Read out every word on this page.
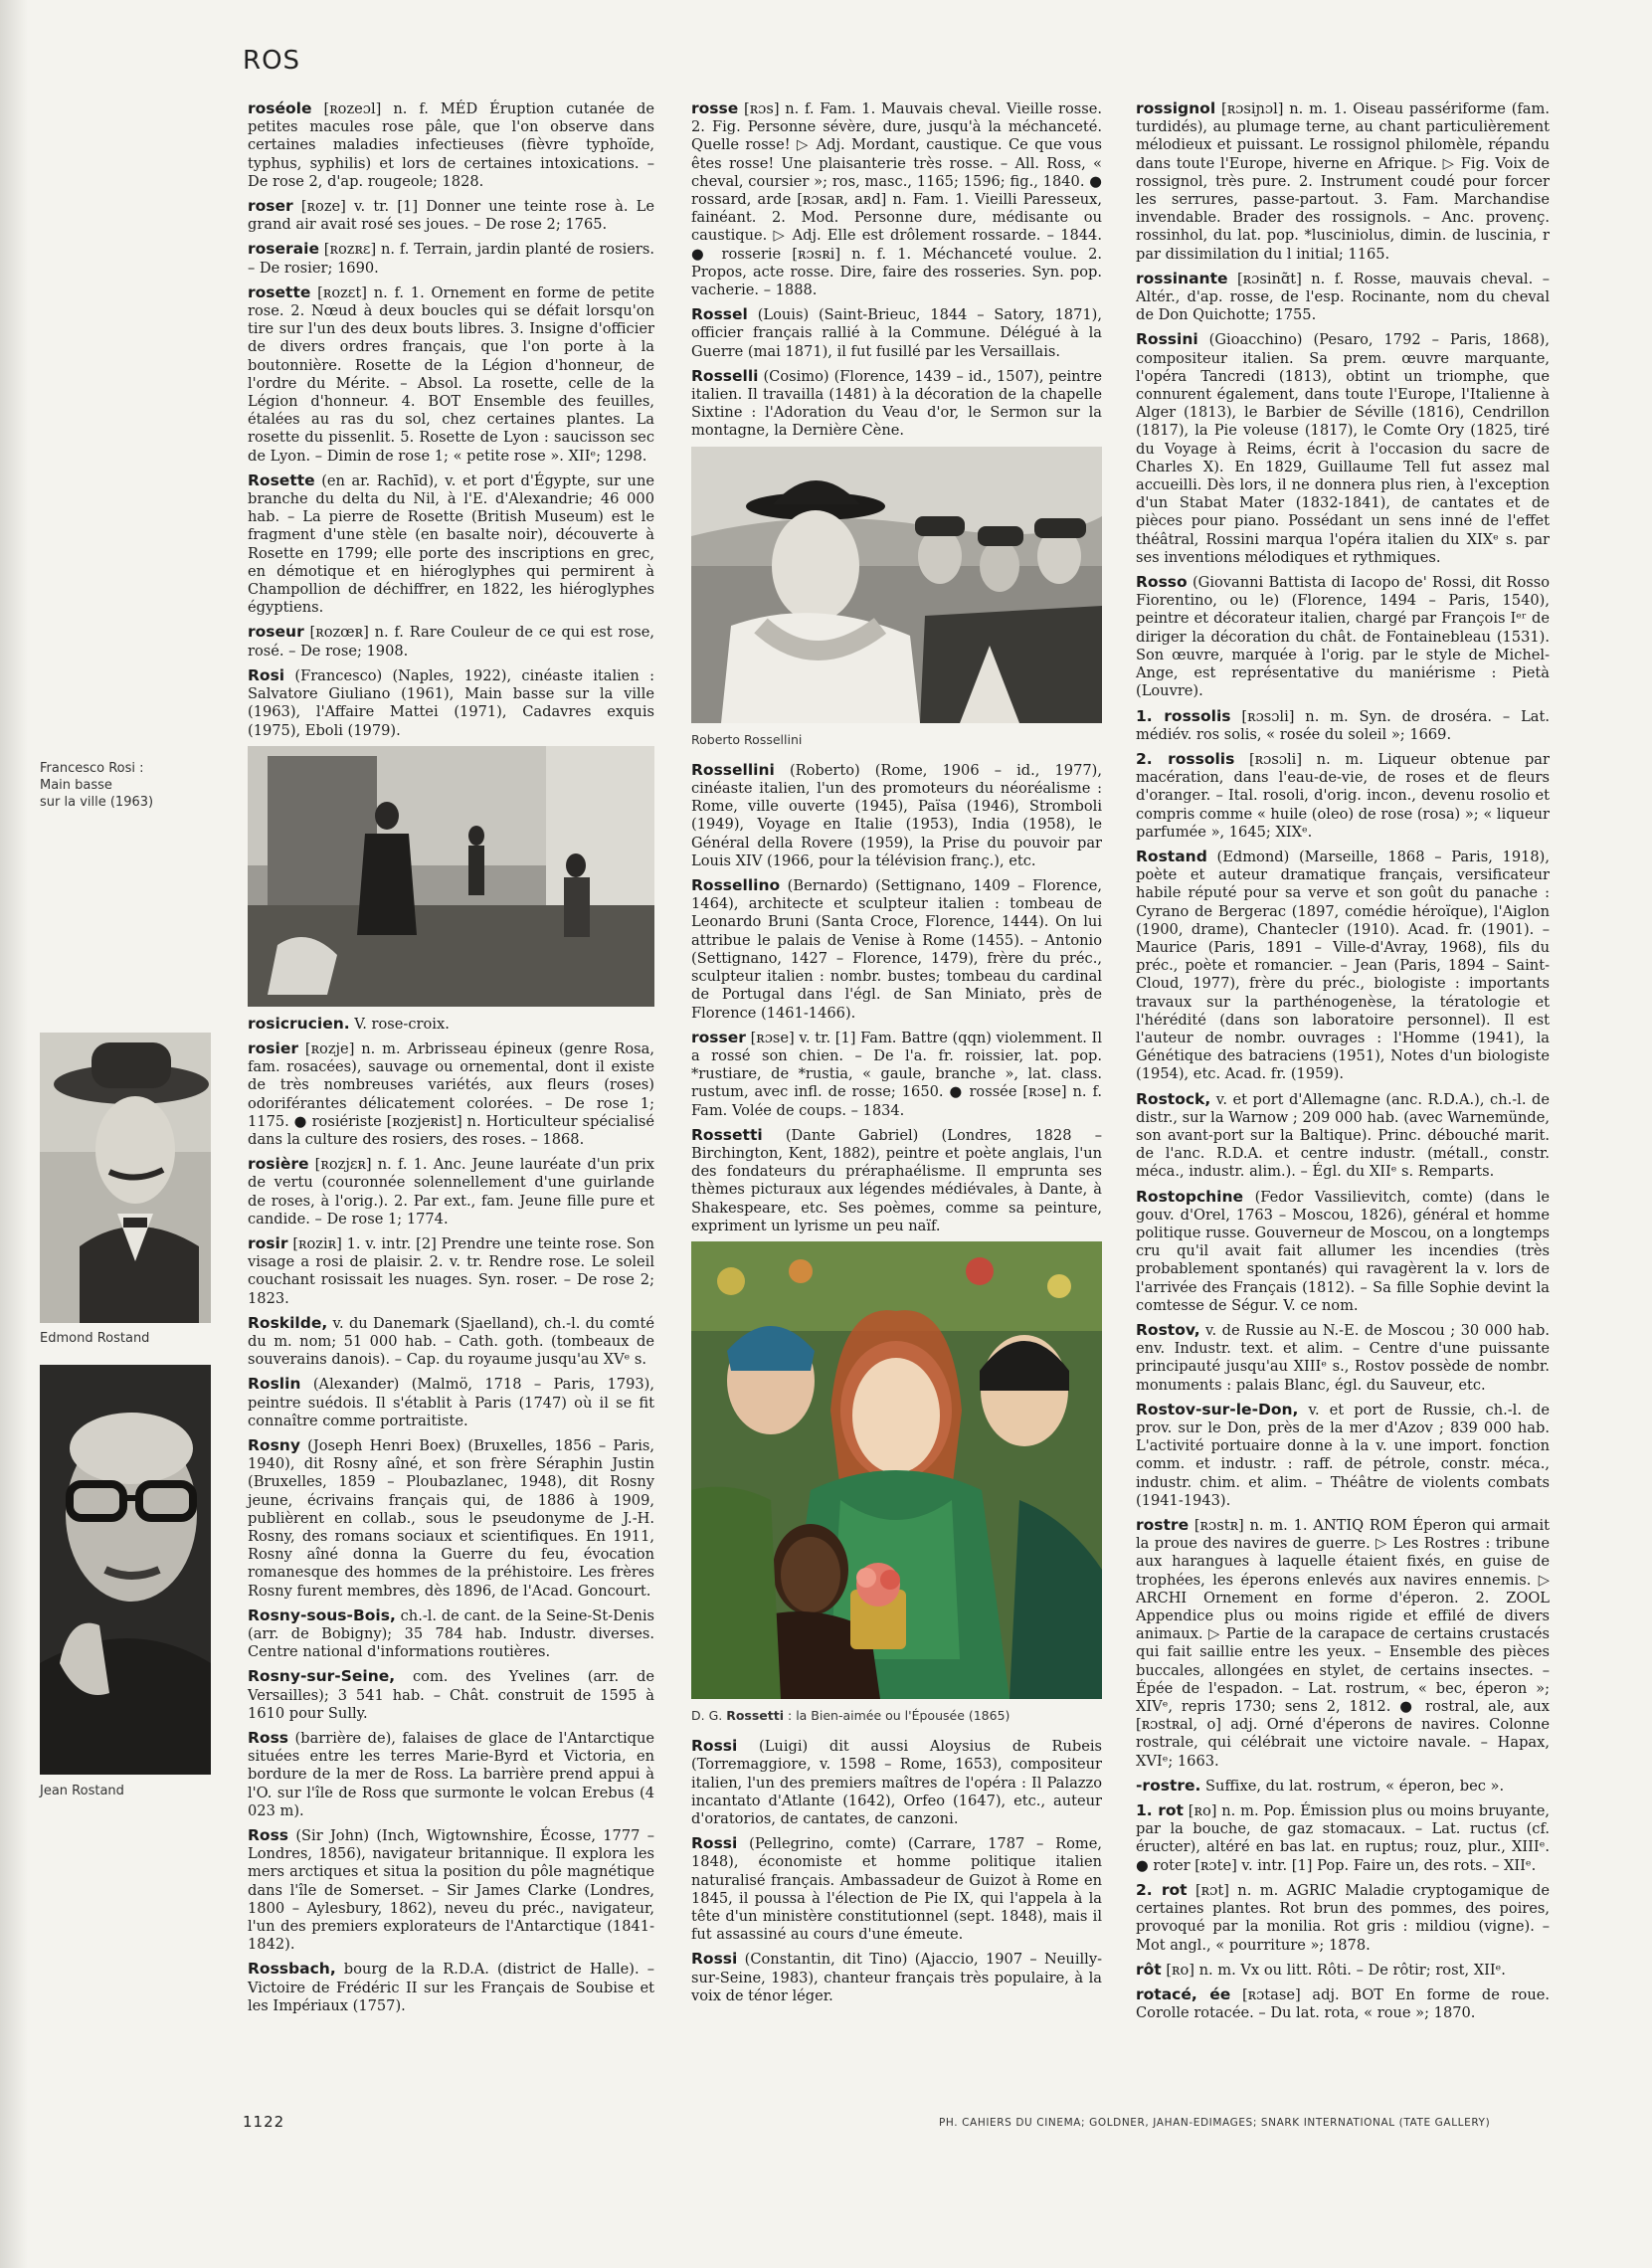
ROS
Francesco Rosi :
Main basse
sur la ville (1963)
Edmond Rostand
Jean Rostand
roséole [ʀozeɔl] n. f. MÉD Éruption cutanée de petites macules rose pâle, que l'on observe dans certaines maladies infectieuses (fièvre typhoïde, typhus, syphilis) et lors de certaines intoxications. – De rose 2, d'ap. rougeole; 1828.
roser [ʀoze] v. tr. [1] Donner une teinte rose à. Le grand air avait rosé ses joues. – De rose 2; 1765.
roseraie [ʀozʀɛ] n. f. Terrain, jardin planté de rosiers. – De rosier; 1690.
rosette [ʀozɛt] n. f. 1. Ornement en forme de petite rose. 2. Nœud à deux boucles qui se défait lorsqu'on tire sur l'un des deux bouts libres. 3. Insigne d'officier de divers ordres français, que l'on porte à la boutonnière. Rosette de la Légion d'honneur, de l'ordre du Mérite. – Absol. La rosette, celle de la Légion d'honneur. 4. BOT Ensemble des feuilles, étalées au ras du sol, chez certaines plantes. La rosette du pissenlit. 5. Rosette de Lyon : saucisson sec de Lyon. – Dimin de rose 1; « petite rose ». XIIᵉ; 1298.
Rosette (en ar. Rachīd), v. et port d'Égypte, sur une branche du delta du Nil, à l'E. d'Alexandrie; 46 000 hab. – La pierre de Rosette (British Museum) est le fragment d'une stèle (en basalte noir), découverte à Rosette en 1799; elle porte des inscriptions en grec, en démotique et en hiéroglyphes qui permirent à Champollion de déchiffrer, en 1822, les hiéroglyphes égyptiens.
roseur [ʀozœʀ] n. f. Rare Couleur de ce qui est rose, rosé. – De rose; 1908.
Rosi (Francesco) (Naples, 1922), cinéaste italien : Salvatore Giuliano (1961), Main basse sur la ville (1963), l'Affaire Mattei (1971), Cadavres exquis (1975), Eboli (1979).
rosicrucien. V. rose-croix.
rosier [ʀozje] n. m. Arbrisseau épineux (genre Rosa, fam. rosacées), sauvage ou ornemental, dont il existe de très nombreuses variétés, aux fleurs (roses) odoriférantes délicatement colorées. – De rose 1; 1175. ● rosiériste [ʀozjeʀist] n. Horticulteur spécialisé dans la culture des rosiers, des roses. – 1868.
rosière [ʀozjɛʀ] n. f. 1. Anc. Jeune lauréate d'un prix de vertu (couronnée solennellement d'une guirlande de roses, à l'orig.). 2. Par ext., fam. Jeune fille pure et candide. – De rose 1; 1774.
rosir [ʀoziʀ] 1. v. intr. [2] Prendre une teinte rose. Son visage a rosi de plaisir. 2. v. tr. Rendre rose. Le soleil couchant rosissait les nuages. Syn. roser. – De rose 2; 1823.
Roskilde, v. du Danemark (Sjaelland), ch.-l. du comté du m. nom; 51 000 hab. – Cath. goth. (tombeaux de souverains danois). – Cap. du royaume jusqu'au XVᵉ s.
Roslin (Alexander) (Malmö, 1718 – Paris, 1793), peintre suédois. Il s'établit à Paris (1747) où il se fit connaître comme portraitiste.
Rosny (Joseph Henri Boex) (Bruxelles, 1856 – Paris, 1940), dit Rosny aîné, et son frère Séraphin Justin (Bruxelles, 1859 – Ploubazlanec, 1948), dit Rosny jeune, écrivains français qui, de 1886 à 1909, publièrent en collab., sous le pseudonyme de J.-H. Rosny, des romans sociaux et scientifiques. En 1911, Rosny aîné donna la Guerre du feu, évocation romanesque des hommes de la préhistoire. Les frères Rosny furent membres, dès 1896, de l'Acad. Goncourt.
Rosny-sous-Bois, ch.-l. de cant. de la Seine-St-Denis (arr. de Bobigny); 35 784 hab. Industr. diverses. Centre national d'informations routières.
Rosny-sur-Seine, com. des Yvelines (arr. de Versailles); 3 541 hab. – Chât. construit de 1595 à 1610 pour Sully.
Ross (barrière de), falaises de glace de l'Antarctique situées entre les terres Marie-Byrd et Victoria, en bordure de la mer de Ross. La barrière prend appui à l'O. sur l'île de Ross que surmonte le volcan Erebus (4 023 m).
Ross (Sir John) (Inch, Wigtownshire, Écosse, 1777 – Londres, 1856), navigateur britannique. Il explora les mers arctiques et situa la position du pôle magnétique dans l'île de Somerset. – Sir James Clarke (Londres, 1800 – Aylesbury, 1862), neveu du préc., navigateur, l'un des premiers explorateurs de l'Antarctique (1841-1842).
Rossbach, bourg de la R.D.A. (district de Halle). – Victoire de Frédéric II sur les Français de Soubise et les Impériaux (1757).
rosse [ʀɔs] n. f. Fam. 1. Mauvais cheval. Vieille rosse. 2. Fig. Personne sévère, dure, jusqu'à la méchanceté. Quelle rosse! ▷ Adj. Mordant, caustique. Ce que vous êtes rosse! Une plaisanterie très rosse. – All. Ross, « cheval, coursier »; ros, masc., 1165; 1596; fig., 1840. ● rossard, arde [ʀɔsaʀ, aʀd] n. Fam. 1. Vieilli Paresseux, fainéant. 2. Mod. Personne dure, médisante ou caustique. ▷ Adj. Elle est drôlement rossarde. – 1844. ● rosserie [ʀɔsʀi] n. f. 1. Méchanceté voulue. 2. Propos, acte rosse. Dire, faire des rosseries. Syn. pop. vacherie. – 1888.
Rossel (Louis) (Saint-Brieuc, 1844 – Satory, 1871), officier français rallié à la Commune. Délégué à la Guerre (mai 1871), il fut fusillé par les Versaillais.
Rosselli (Cosimo) (Florence, 1439 – id., 1507), peintre italien. Il travailla (1481) à la décoration de la chapelle Sixtine : l'Adoration du Veau d'or, le Sermon sur la montagne, la Dernière Cène.
Roberto Rossellini
Rossellini (Roberto) (Rome, 1906 – id., 1977), cinéaste italien, l'un des promoteurs du néoréalisme : Rome, ville ouverte (1945), Païsa (1946), Stromboli (1949), Voyage en Italie (1953), India (1958), le Général della Rovere (1959), la Prise du pouvoir par Louis XIV (1966, pour la télévision franç.), etc.
Rossellino (Bernardo) (Settignano, 1409 – Florence, 1464), architecte et sculpteur italien : tombeau de Leonardo Bruni (Santa Croce, Florence, 1444). On lui attribue le palais de Venise à Rome (1455). – Antonio (Settignano, 1427 – Florence, 1479), frère du préc., sculpteur italien : nombr. bustes; tombeau du cardinal de Portugal dans l'égl. de San Miniato, près de Florence (1461-1466).
rosser [ʀɔse] v. tr. [1] Fam. Battre (qqn) violemment. Il a rossé son chien. – De l'a. fr. roissier, lat. pop. *rustiare, de *rustia, « gaule, branche », lat. class. rustum, avec infl. de rosse; 1650. ● rossée [ʀɔse] n. f. Fam. Volée de coups. – 1834.
Rossetti (Dante Gabriel) (Londres, 1828 – Birchington, Kent, 1882), peintre et poète anglais, l'un des fondateurs du préraphaélisme. Il emprunta ses thèmes picturaux aux légendes médiévales, à Dante, à Shakespeare, etc. Ses poèmes, comme sa peinture, expriment un lyrisme un peu naïf.
D. G. Rossetti : la Bien-aimée ou l'Épousée (1865)
Rossi (Luigi) dit aussi Aloysius de Rubeis (Torremaggiore, v. 1598 – Rome, 1653), compositeur italien, l'un des premiers maîtres de l'opéra : Il Palazzo incantato d'Atlante (1642), Orfeo (1647), etc., auteur d'oratorios, de cantates, de canzoni.
Rossi (Pellegrino, comte) (Carrare, 1787 – Rome, 1848), économiste et homme politique italien naturalisé français. Ambassadeur de Guizot à Rome en 1845, il poussa à l'élection de Pie IX, qui l'appela à la tête d'un ministère constitutionnel (sept. 1848), mais il fut assassiné au cours d'une émeute.
Rossi (Constantin, dit Tino) (Ajaccio, 1907 – Neuilly-sur-Seine, 1983), chanteur français très populaire, à la voix de ténor léger.
rossignol [ʀɔsiɲɔl] n. m. 1. Oiseau passériforme (fam. turdidés), au plumage terne, au chant particulièrement mélodieux et puissant. Le rossignol philomèle, répandu dans toute l'Europe, hiverne en Afrique. ▷ Fig. Voix de rossignol, très pure. 2. Instrument coudé pour forcer les serrures, passe-partout. 3. Fam. Marchandise invendable. Brader des rossignols. – Anc. provenç. rossinhol, du lat. pop. *lusciniolus, dimin. de luscinia, r par dissimilation du l initial; 1165.
rossinante [ʀɔsinɑ̃t] n. f. Rosse, mauvais cheval. – Altér., d'ap. rosse, de l'esp. Rocinante, nom du cheval de Don Quichotte; 1755.
Rossini (Gioacchino) (Pesaro, 1792 – Paris, 1868), compositeur italien. Sa prem. œuvre marquante, l'opéra Tancredi (1813), obtint un triomphe, que connurent également, dans toute l'Europe, l'Italienne à Alger (1813), le Barbier de Séville (1816), Cendrillon (1817), la Pie voleuse (1817), le Comte Ory (1825, tiré du Voyage à Reims, écrit à l'occasion du sacre de Charles X). En 1829, Guillaume Tell fut assez mal accueilli. Dès lors, il ne donnera plus rien, à l'exception d'un Stabat Mater (1832-1841), de cantates et de pièces pour piano. Possédant un sens inné de l'effet théâtral, Rossini marqua l'opéra italien du XIXᵉ s. par ses inventions mélodiques et rythmiques.
Rosso (Giovanni Battista di Iacopo de' Rossi, dit Rosso Fiorentino, ou le) (Florence, 1494 – Paris, 1540), peintre et décorateur italien, chargé par François Iᵉʳ de diriger la décoration du chât. de Fontainebleau (1531). Son œuvre, marquée à l'orig. par le style de Michel-Ange, est représentative du maniérisme : Pietà (Louvre).
1. rossolis [ʀɔsɔli] n. m. Syn. de droséra. – Lat. médiév. ros solis, « rosée du soleil »; 1669.
2. rossolis [ʀɔsɔli] n. m. Liqueur obtenue par macération, dans l'eau-de-vie, de roses et de fleurs d'oranger. – Ital. rosoli, d'orig. incon., devenu rosolio et compris comme « huile (oleo) de rose (rosa) »; « liqueur parfumée », 1645; XIXᵉ.
Rostand (Edmond) (Marseille, 1868 – Paris, 1918), poète et auteur dramatique français, versificateur habile réputé pour sa verve et son goût du panache : Cyrano de Bergerac (1897, comédie héroïque), l'Aiglon (1900, drame), Chantecler (1910). Acad. fr. (1901). – Maurice (Paris, 1891 – Ville-d'Avray, 1968), fils du préc., poète et romancier. – Jean (Paris, 1894 – Saint-Cloud, 1977), frère du préc., biologiste : importants travaux sur la parthénogenèse, la tératologie et l'hérédité (dans son laboratoire personnel). Il est l'auteur de nombr. ouvrages : l'Homme (1941), la Génétique des batraciens (1951), Notes d'un biologiste (1954), etc. Acad. fr. (1959).
Rostock, v. et port d'Allemagne (anc. R.D.A.), ch.-l. de distr., sur la Warnow ; 209 000 hab. (avec Warnemünde, son avant-port sur la Baltique). Princ. débouché marit. de l'anc. R.D.A. et centre industr. (métall., constr. méca., industr. alim.). – Égl. du XIIᵉ s. Remparts.
Rostopchine (Fedor Vassilievitch, comte) (dans le gouv. d'Orel, 1763 – Moscou, 1826), général et homme politique russe. Gouverneur de Moscou, on a longtemps cru qu'il avait fait allumer les incendies (très probablement spontanés) qui ravagèrent la v. lors de l'arrivée des Français (1812). – Sa fille Sophie devint la comtesse de Ségur. V. ce nom.
Rostov, v. de Russie au N.-E. de Moscou ; 30 000 hab. env. Industr. text. et alim. – Centre d'une puissante principauté jusqu'au XIIIᵉ s., Rostov possède de nombr. monuments : palais Blanc, égl. du Sauveur, etc.
Rostov-sur-le-Don, v. et port de Russie, ch.-l. de prov. sur le Don, près de la mer d'Azov ; 839 000 hab. L'activité portuaire donne à la v. une import. fonction comm. et industr. : raff. de pétrole, constr. méca., industr. chim. et alim. – Théâtre de violents combats (1941-1943).
rostre [ʀɔstʀ] n. m. 1. ANTIQ ROM Éperon qui armait la proue des navires de guerre. ▷ Les Rostres : tribune aux harangues à laquelle étaient fixés, en guise de trophées, les éperons enlevés aux navires ennemis. ▷ ARCHI Ornement en forme d'éperon. 2. ZOOL Appendice plus ou moins rigide et effilé de divers animaux. ▷ Partie de la carapace de certains crustacés qui fait saillie entre les yeux. – Ensemble des pièces buccales, allongées en stylet, de certains insectes. – Épée de l'espadon. – Lat. rostrum, « bec, éperon »; XIVᵉ, repris 1730; sens 2, 1812. ● rostral, ale, aux [ʀɔstʀal, o] adj. Orné d'éperons de navires. Colonne rostrale, qui célébrait une victoire navale. – Hapax, XVIᵉ; 1663.
-rostre. Suffixe, du lat. rostrum, « éperon, bec ».
1. rot [ʀo] n. m. Pop. Émission plus ou moins bruyante, par la bouche, de gaz stomacaux. – Lat. ructus (cf. éructer), altéré en bas lat. en ruptus; rouz, plur., XIIIᵉ. ● roter [ʀɔte] v. intr. [1] Pop. Faire un, des rots. – XIIᵉ.
2. rot [ʀɔt] n. m. AGRIC Maladie cryptogamique de certaines plantes. Rot brun des pommes, des poires, provoqué par la monilia. Rot gris : mildiou (vigne). – Mot angl., « pourriture »; 1878.
rôt [ʀo] n. m. Vx ou litt. Rôti. – De rôtir; rost, XIIᵉ.
rotacé, ée [ʀɔtase] adj. BOT En forme de roue. Corolle rotacée. – Du lat. rota, « roue »; 1870.
1122	PH. CAHIERS DU CINEMA; GOLDNER, JAHAN-EDIMAGES; SNARK INTERNATIONAL (TATE GALLERY)
